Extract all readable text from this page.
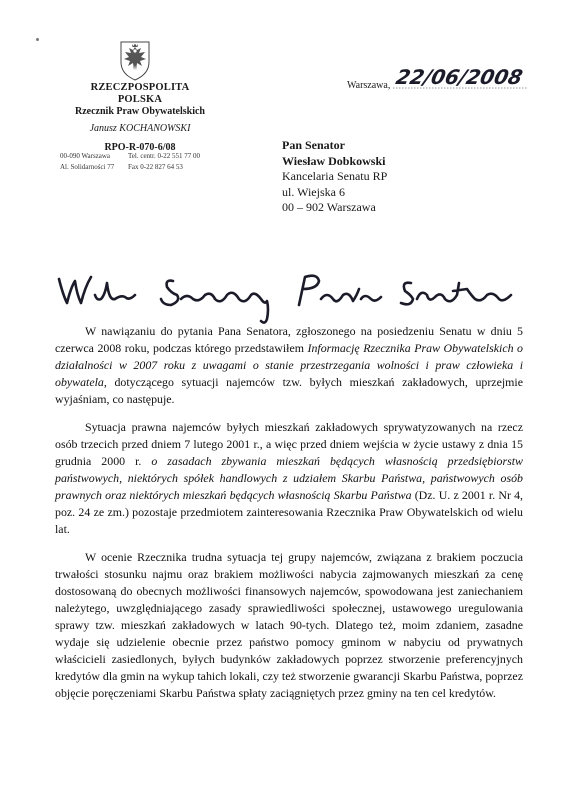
RZECZPOSPOLITA POLSKA
Rzecznik Praw Obywatelskich
Janusz KOCHANOWSKI
RPO-R-070-6/08
00-090 Warszawa	Tel. centr. 0-22 551 77 00
Al. Solidarności 77	Fax 0-22 827 64 53
Warszawa, 22/06/2008
Pan Senator
Wiesław Dobkowski
Kancelaria Senatu RP
ul. Wiejska 6
00 – 902 Warszawa

W nawiązaniu do pytania Pana Senatora, zgłoszonego na posiedzeniu Senatu w dniu 5 czerwca 2008 roku, podczas którego przedstawiłem Informację Rzecznika Praw Obywatelskich o działalności w 2007 roku z uwagami o stanie przestrzegania wolności i praw człowieka i obywatela, dotyczącego sytuacji najemców tzw. byłych mieszkań zakładowych, uprzejmie wyjaśniam, co następuje.

Sytuacja prawna najemców byłych mieszkań zakładowych sprywatyzowanych na rzecz osób trzecich przed dniem 7 lutego 2001 r., a więc przed dniem wejścia w życie ustawy z dnia 15 grudnia 2000 r. o zasadach zbywania mieszkań będących własnością przedsiębiorstw państwowych, niektórych spółek handlowych z udziałem Skarbu Państwa, państwowych osób prawnych oraz niektórych mieszkań będących własnością Skarbu Państwa (Dz. U. z 2001 r. Nr 4, poz. 24 ze zm.) pozostaje przedmiotem zainteresowania Rzecznika Praw Obywatelskich od wielu lat.

W ocenie Rzecznika trudna sytuacja tej grupy najemców, związana z brakiem poczucia trwałości stosunku najmu oraz brakiem możliwości nabycia zajmowanych mieszkań za cenę dostosowaną do obecnych możliwości finansowych najemców, spowodowana jest zaniechaniem należytego, uwzględniającego zasady sprawiedliwości społecznej, ustawowego uregulowania sprawy tzw. mieszkań zakładowych w latach 90-tych. Dlatego też, moim zdaniem, zasadne wydaje się udzielenie obecnie przez państwo pomocy gminom w nabyciu od prywatnych właścicieli zasiedlonych, byłych budynków zakładowych poprzez stworzenie preferencyjnych kredytów dla gmin na wykup tahich lokali, czy też stworzenie gwarancji Skarbu Państwa, poprzez objęcie poręczeniami Skarbu Państwa spłaty zaciągniętych przez gminy na ten cel kredytów.
